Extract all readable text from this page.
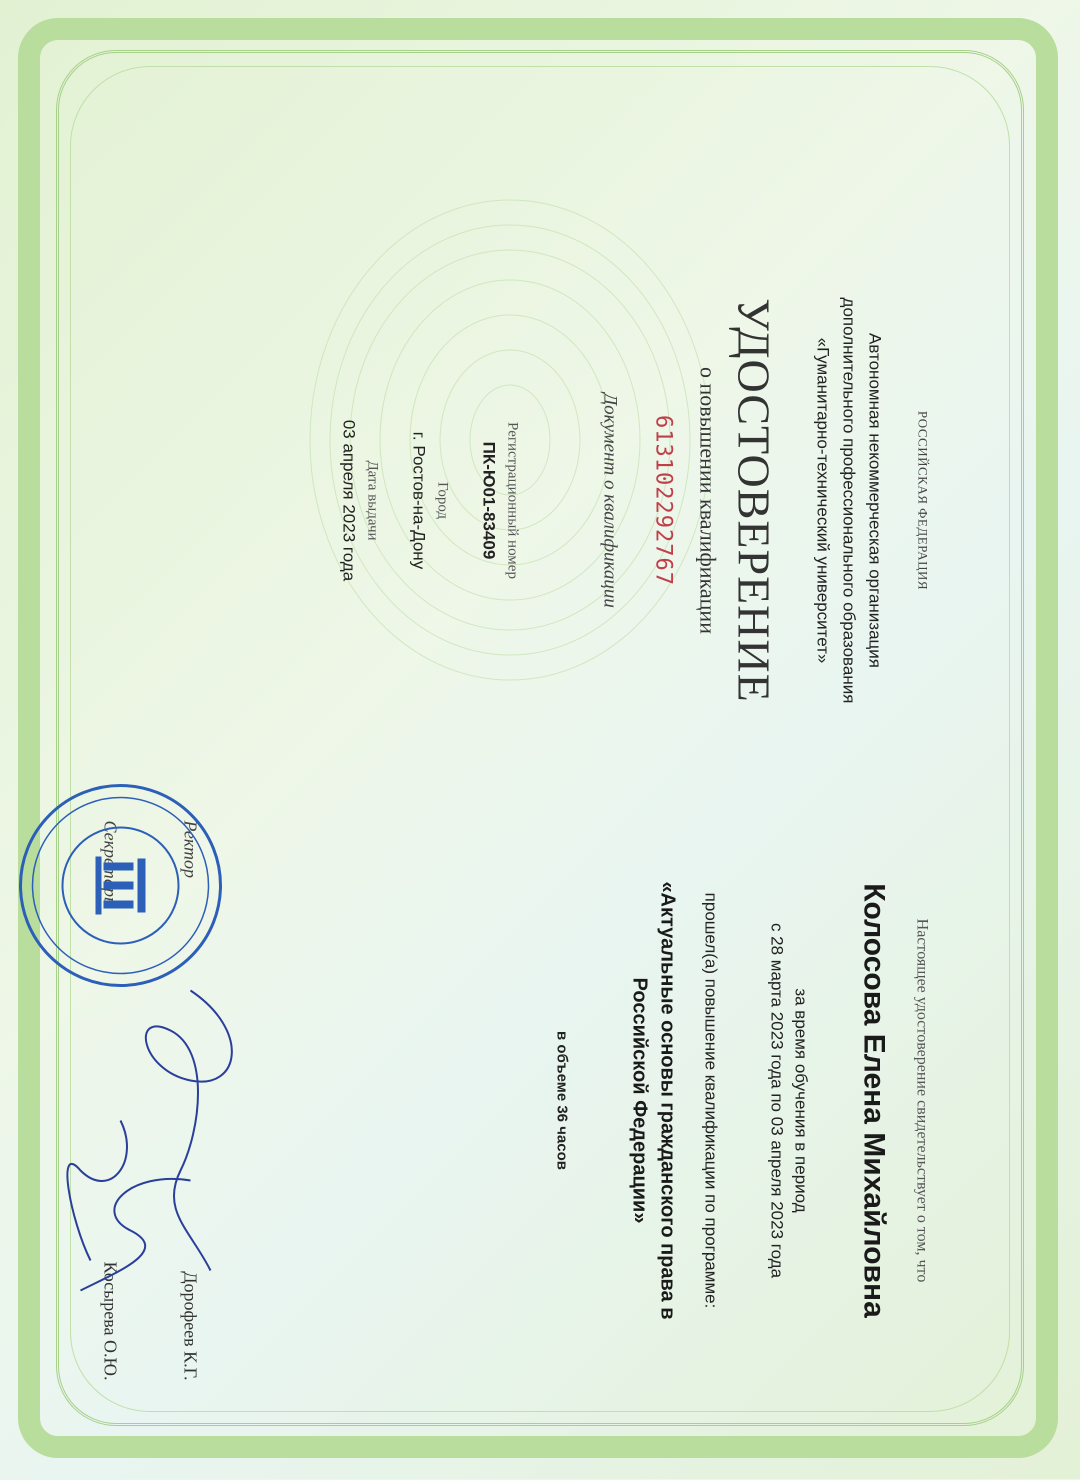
РОССИЙСКАЯ ФЕДЕРАЦИЯ
Автономная некоммерческая организация
дополнительного профессионального образования
«Гуманитарно-технический университет»
УДОСТОВЕРЕНИЕ
о повышении квалификации
613102292767
Документ о квалификации
Регистрационный номер
ПК-Ю01-83409
Город
г. Ростов-на-Дону
Дата выдачи
03 апреля 2023 года
Настоящее удостоверение свидетельствует о том, что
Колосова Елена Михайловна
за время обучения в период
с 28 марта 2023 года по 03 апреля 2023 года
прошел(а) повышение квалификации по программе:
«Актуальные основы гражданского права в
Российской Федерации»
в объеме 36 часов
Ректор
Дорофеев К.Г.
Косырева О.Ю.
